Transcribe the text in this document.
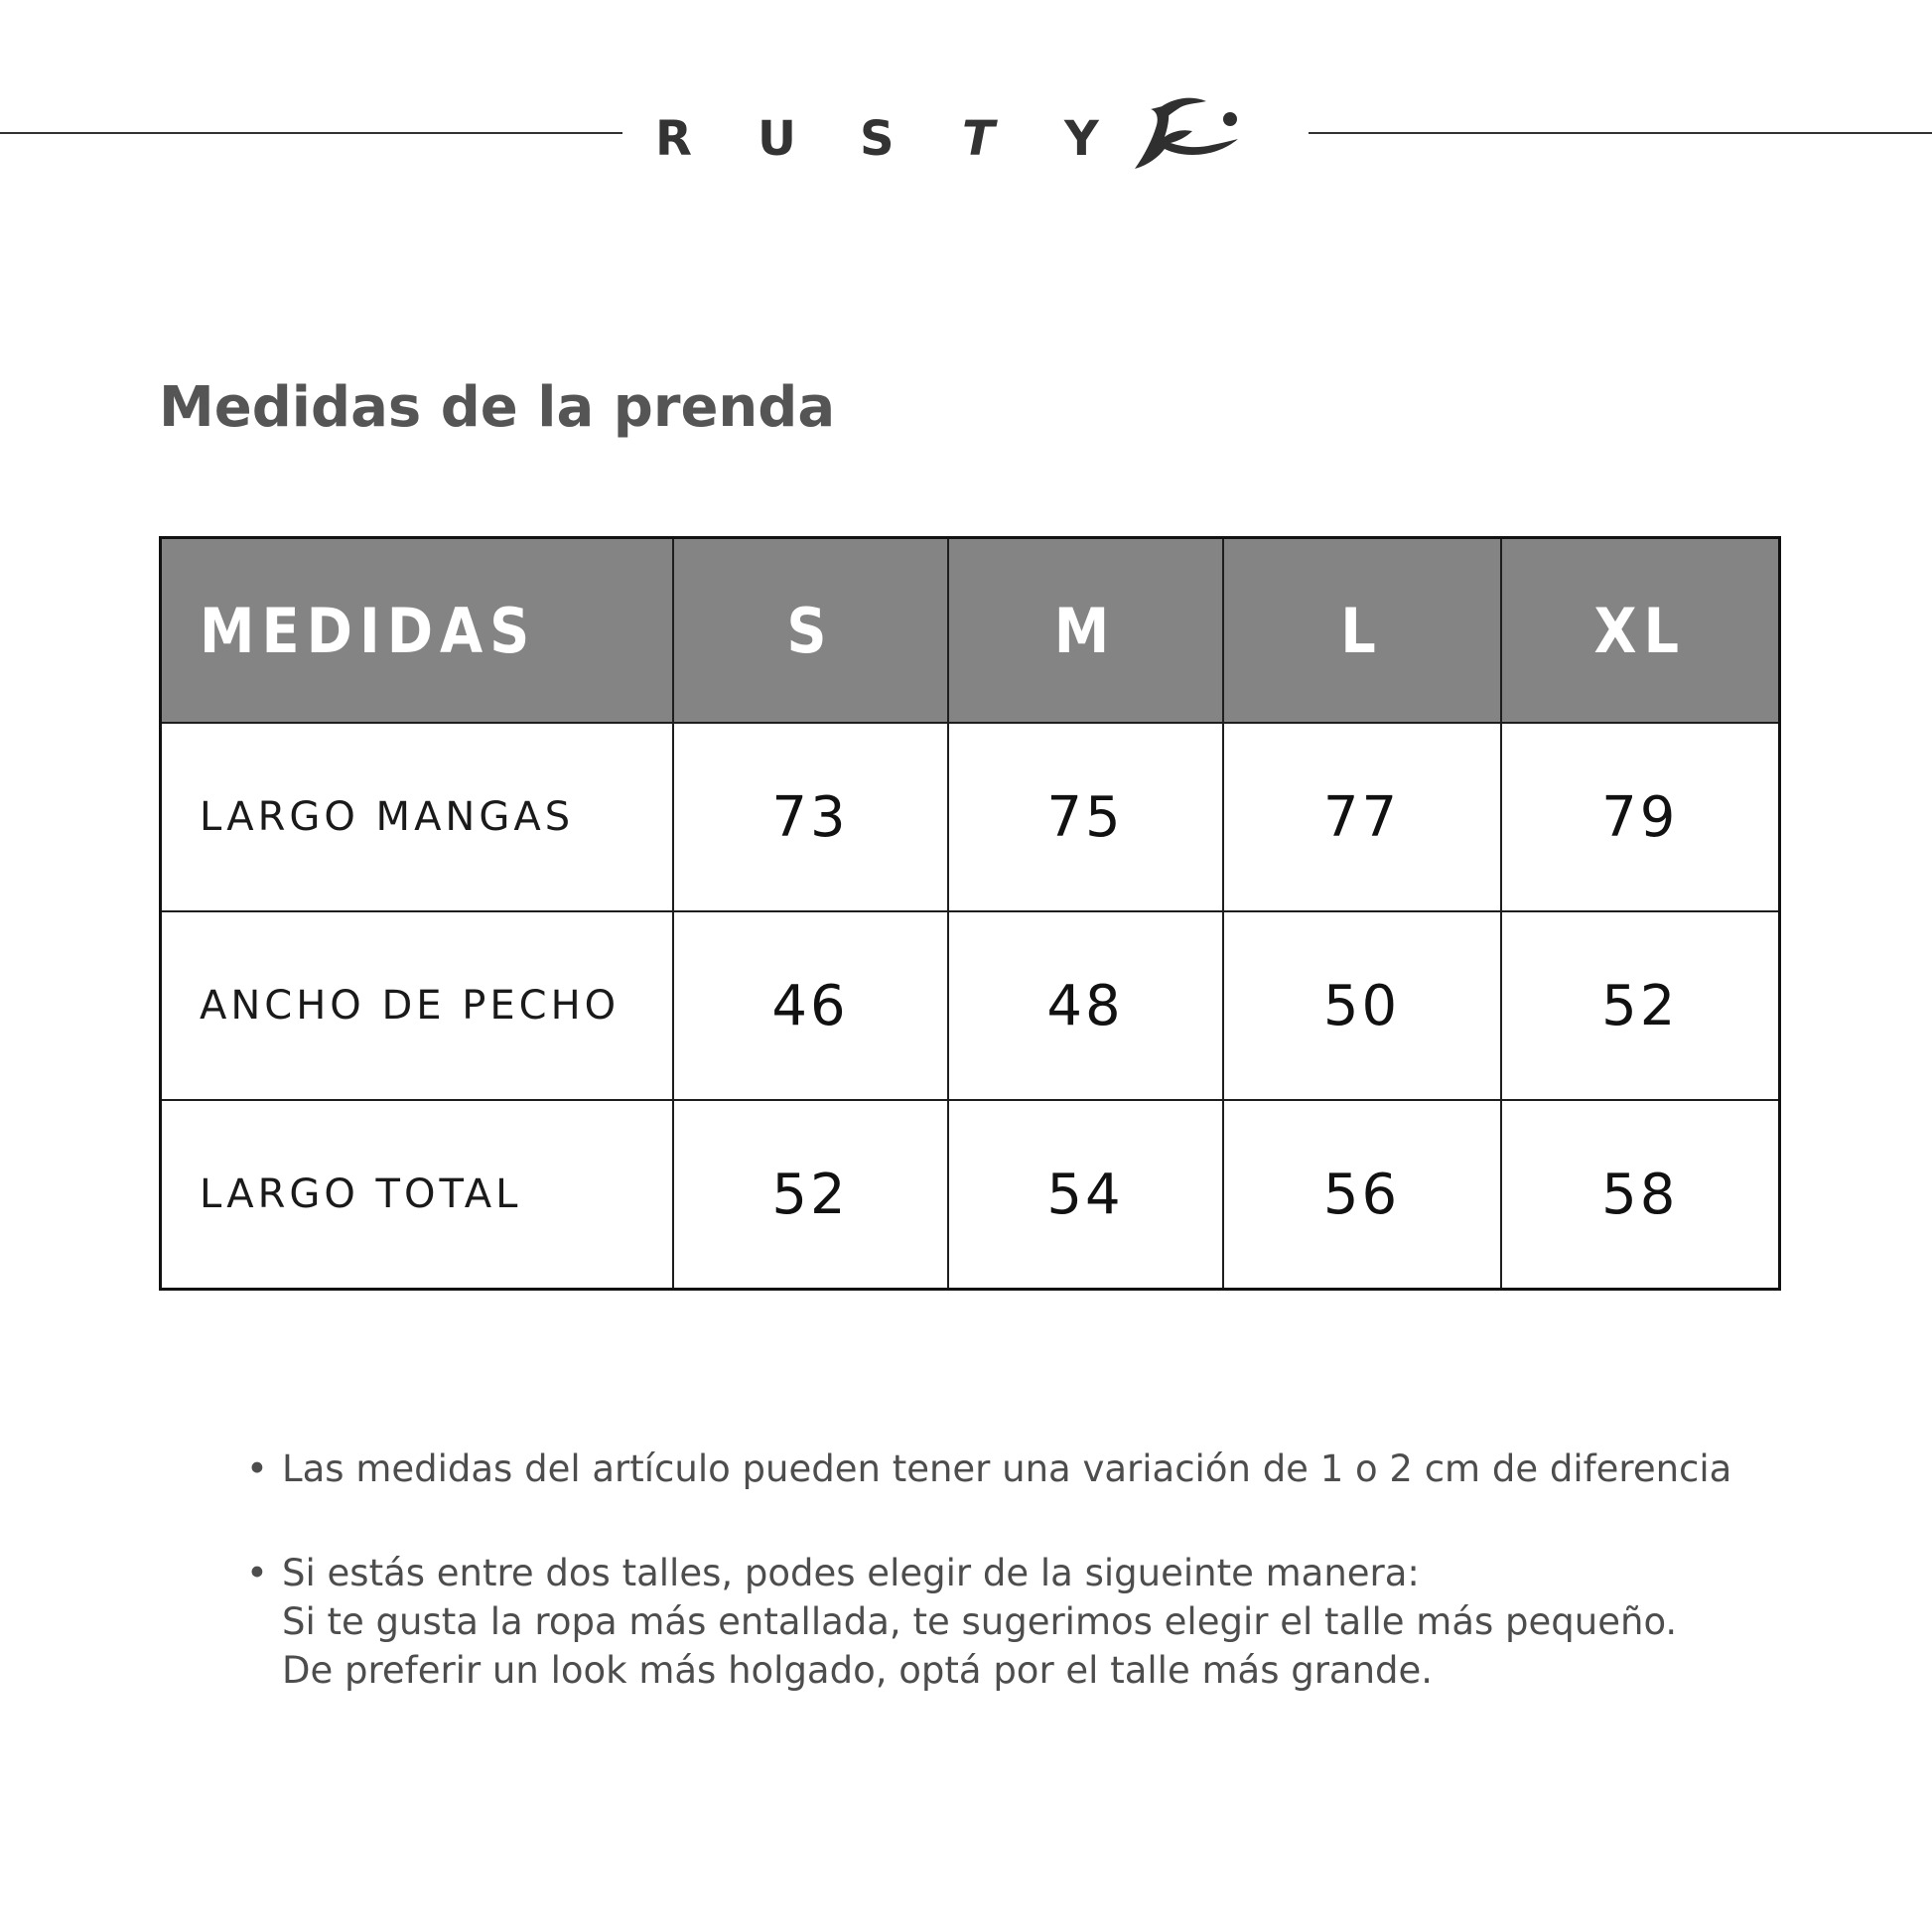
R	U	S	T	Y
Medidas de la prenda
MEDIDAS	S	M	L	XL
LARGO MANGAS	73	75	77	79
ANCHO DE PECHO	46	48	50	52
LARGO TOTAL	52	54	56	58
• Las medidas del artículo pueden tener una variación de 1 o 2 cm de diferencia
• Si estás entre dos talles, podes elegir de la sigueinte manera:
Si te gusta la ropa más entallada, te sugerimos elegir el talle más pequeño.
De preferir un look más holgado, optá por el talle más grande.
